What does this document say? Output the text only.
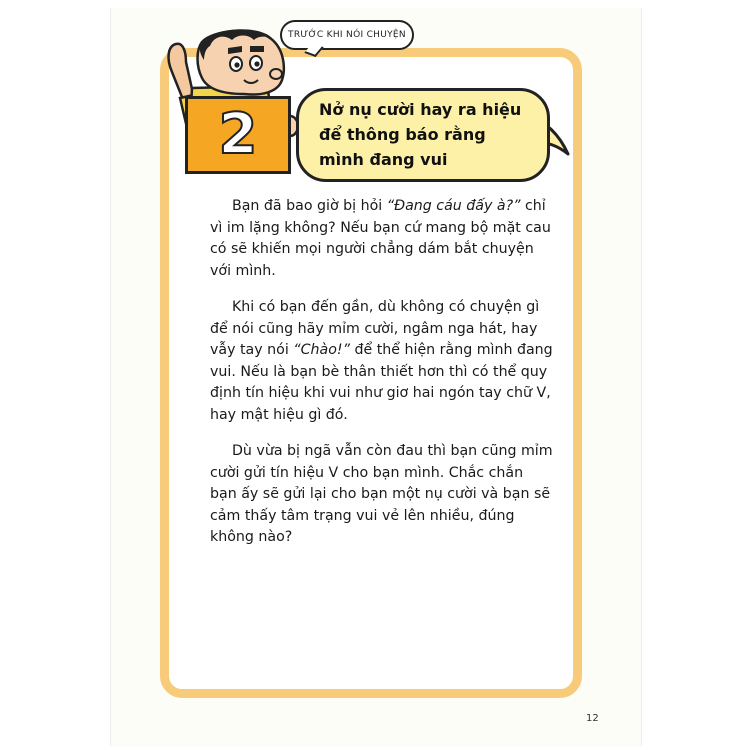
TRƯỚC KHI NÓI CHUYỆN
2	Nở nụ cười hay ra hiệu
để thông báo rằng
mình đang vui

Bạn đã bao giờ bị hỏi “Đang cáu đấy à?” chỉ vì im lặng không? Nếu bạn cứ mang bộ mặt cau có sẽ khiến mọi người chẳng dám bắt chuyện với mình.

Khi có bạn đến gần, dù không có chuyện gì để nói cũng hãy mỉm cười, ngâm nga hát, hay vẫy tay nói “Chào!” để thể hiện rằng mình đang vui. Nếu là bạn bè thân thiết hơn thì có thể quy định tín hiệu khi vui như giơ hai ngón tay chữ V, hay mật hiệu gì đó.

Dù vừa bị ngã vẫn còn đau thì bạn cũng mỉm cười gửi tín hiệu V cho bạn mình. Chắc chắn bạn ấy sẽ gửi lại cho bạn một nụ cười và bạn sẽ cảm thấy tâm trạng vui vẻ lên nhiều, đúng không nào?

12
